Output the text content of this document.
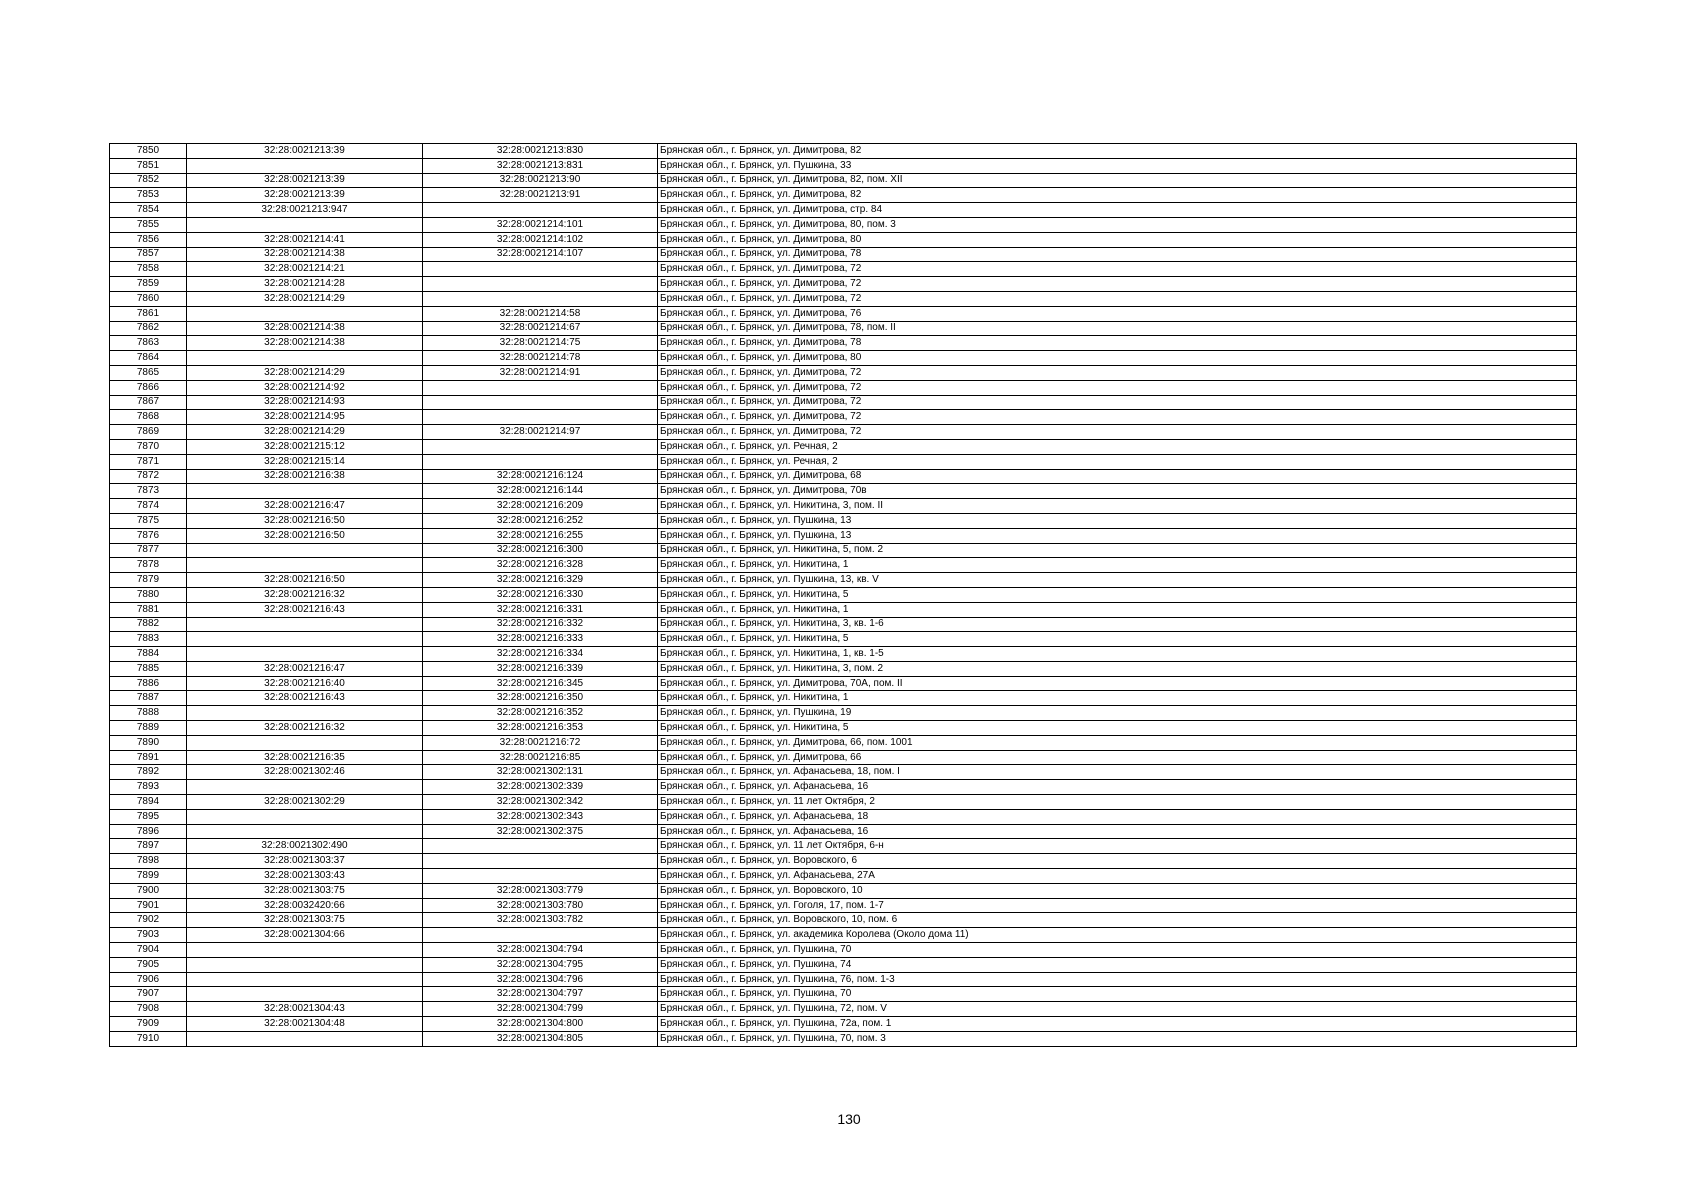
7850	32:28:0021213:39	32:28:0021213:830	Брянская обл., г. Брянск, ул. Димитрова, 82
7851		32:28:0021213:831	Брянская обл., г. Брянск, ул. Пушкина, 33
7852	32:28:0021213:39	32:28:0021213:90	Брянская обл., г. Брянск, ул. Димитрова, 82, пом. XII
7853	32:28:0021213:39	32:28:0021213:91	Брянская обл., г. Брянск, ул. Димитрова, 82
7854	32:28:0021213:947		Брянская обл., г. Брянск, ул. Димитрова, стр. 84
7855		32:28:0021214:101	Брянская обл., г. Брянск, ул. Димитрова, 80, пом. 3
7856	32:28:0021214:41	32:28:0021214:102	Брянская обл., г. Брянск, ул. Димитрова, 80
7857	32:28:0021214:38	32:28:0021214:107	Брянская обл., г. Брянск, ул. Димитрова, 78
7858	32:28:0021214:21		Брянская обл., г. Брянск, ул. Димитрова, 72
7859	32:28:0021214:28		Брянская обл., г. Брянск, ул. Димитрова, 72
7860	32:28:0021214:29		Брянская обл., г. Брянск, ул. Димитрова, 72
7861		32:28:0021214:58	Брянская обл., г. Брянск, ул. Димитрова, 76
7862	32:28:0021214:38	32:28:0021214:67	Брянская обл., г. Брянск, ул. Димитрова, 78, пом. II
7863	32:28:0021214:38	32:28:0021214:75	Брянская обл., г. Брянск, ул. Димитрова, 78
7864		32:28:0021214:78	Брянская обл., г. Брянск, ул. Димитрова, 80
7865	32:28:0021214:29	32:28:0021214:91	Брянская обл., г. Брянск, ул. Димитрова, 72
7866	32:28:0021214:92		Брянская обл., г. Брянск, ул. Димитрова, 72
7867	32:28:0021214:93		Брянская обл., г. Брянск, ул. Димитрова, 72
7868	32:28:0021214:95		Брянская обл., г. Брянск, ул. Димитрова, 72
7869	32:28:0021214:29	32:28:0021214:97	Брянская обл., г. Брянск, ул. Димитрова, 72
7870	32:28:0021215:12		Брянская обл., г. Брянск, ул. Речная, 2
7871	32:28:0021215:14		Брянская обл., г. Брянск, ул. Речная, 2
7872	32:28:0021216:38	32:28:0021216:124	Брянская обл., г. Брянск, ул. Димитрова, 68
7873		32:28:0021216:144	Брянская обл., г. Брянск, ул. Димитрова, 70в
7874	32:28:0021216:47	32:28:0021216:209	Брянская обл., г. Брянск, ул. Никитина, 3, пом. II
7875	32:28:0021216:50	32:28:0021216:252	Брянская обл., г. Брянск, ул. Пушкина, 13
7876	32:28:0021216:50	32:28:0021216:255	Брянская обл., г. Брянск, ул. Пушкина, 13
7877		32:28:0021216:300	Брянская обл., г. Брянск, ул. Никитина, 5, пом. 2
7878		32:28:0021216:328	Брянская обл., г. Брянск, ул. Никитина, 1
7879	32:28:0021216:50	32:28:0021216:329	Брянская обл., г. Брянск, ул. Пушкина, 13, кв. V
7880	32:28:0021216:32	32:28:0021216:330	Брянская обл., г. Брянск, ул. Никитина, 5
7881	32:28:0021216:43	32:28:0021216:331	Брянская обл., г. Брянск, ул. Никитина, 1
7882		32:28:0021216:332	Брянская обл., г. Брянск, ул. Никитина, 3, кв. 1-6
7883		32:28:0021216:333	Брянская обл., г. Брянск, ул. Никитина, 5
7884		32:28:0021216:334	Брянская обл., г. Брянск, ул. Никитина, 1, кв. 1-5
7885	32:28:0021216:47	32:28:0021216:339	Брянская обл., г. Брянск, ул. Никитина, 3, пом. 2
7886	32:28:0021216:40	32:28:0021216:345	Брянская обл., г. Брянск, ул. Димитрова, 70А, пом. II
7887	32:28:0021216:43	32:28:0021216:350	Брянская обл., г. Брянск, ул. Никитина, 1
7888		32:28:0021216:352	Брянская обл., г. Брянск, ул. Пушкина, 19
7889	32:28:0021216:32	32:28:0021216:353	Брянская обл., г. Брянск, ул. Никитина, 5
7890		32:28:0021216:72	Брянская обл., г. Брянск, ул. Димитрова, 66, пом. 1001
7891	32:28:0021216:35	32:28:0021216:85	Брянская обл., г. Брянск, ул. Димитрова, 66
7892	32:28:0021302:46	32:28:0021302:131	Брянская обл., г. Брянск, ул. Афанасьева, 18, пом. I
7893		32:28:0021302:339	Брянская обл., г. Брянск, ул. Афанасьева, 16
7894	32:28:0021302:29	32:28:0021302:342	Брянская обл., г. Брянск, ул. 11 лет Октября, 2
7895		32:28:0021302:343	Брянская обл., г. Брянск, ул. Афанасьева, 18
7896		32:28:0021302:375	Брянская обл., г. Брянск, ул. Афанасьева, 16
7897	32:28:0021302:490		Брянская обл., г. Брянск, ул. 11 лет Октября, 6-н
7898	32:28:0021303:37		Брянская обл., г. Брянск, ул. Воровского, 6
7899	32:28:0021303:43		Брянская обл., г. Брянск, ул. Афанасьева, 27А
7900	32:28:0021303:75	32:28:0021303:779	Брянская обл., г. Брянск, ул. Воровского, 10
7901	32:28:0032420:66	32:28:0021303:780	Брянская обл., г. Брянск, ул. Гоголя, 17, пом. 1-7
7902	32:28:0021303:75	32:28:0021303:782	Брянская обл., г. Брянск, ул. Воровского, 10, пом. 6
7903	32:28:0021304:66		Брянская обл., г. Брянск, ул. академика Королева (Около дома 11)
7904		32:28:0021304:794	Брянская обл., г. Брянск, ул. Пушкина, 70
7905		32:28:0021304:795	Брянская обл., г. Брянск, ул. Пушкина, 74
7906		32:28:0021304:796	Брянская обл., г. Брянск, ул. Пушкина, 76, пом. 1-3
7907		32:28:0021304:797	Брянская обл., г. Брянск, ул. Пушкина, 70
7908	32:28:0021304:43	32:28:0021304:799	Брянская обл., г. Брянск, ул. Пушкина, 72, пом. V
7909	32:28:0021304:48	32:28:0021304:800	Брянская обл., г. Брянск, ул. Пушкина, 72а, пом. 1
7910		32:28:0021304:805	Брянская обл., г. Брянск, ул. Пушкина, 70, пом. 3
130
